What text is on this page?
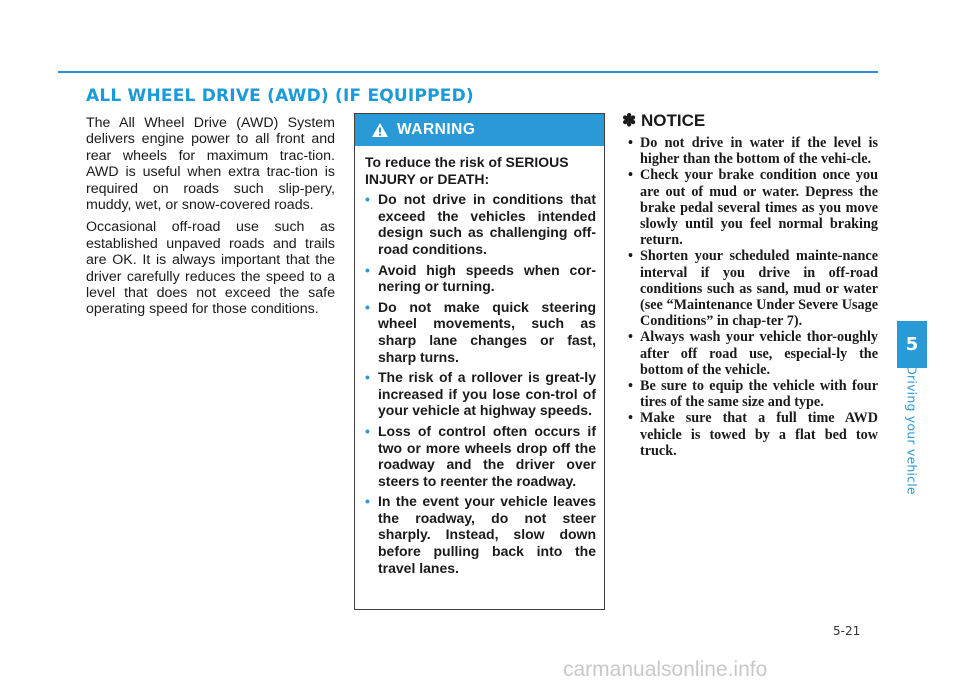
ALL WHEEL DRIVE (AWD) (IF EQUIPPED)

The All Wheel Drive (AWD) System delivers engine power to all front and rear wheels for maximum trac-tion. AWD is useful when extra trac-tion is required on roads such slip-pery, muddy, wet, or snow-covered roads.

Occasional off-road use such as established unpaved roads and trails are OK. It is always important that the driver carefully reduces the speed to a level that does not exceed the safe operating speed for those conditions.

WARNING

To reduce the risk of SERIOUS INJURY or DEATH:

• Do not drive in conditions that exceed the vehicles intended design such as challenging off-road conditions.
• Avoid high speeds when cor-nering or turning.
• Do not make quick steering wheel movements, such as sharp lane changes or fast, sharp turns.
• The risk of a rollover is great-ly increased if you lose con-trol of your vehicle at highway speeds.
• Loss of control often occurs if two or more wheels drop off the roadway and the driver over steers to reenter the roadway.
• In the event your vehicle leaves the roadway, do not steer sharply. Instead, slow down before pulling back into the travel lanes.
✽ NOTICE
• Do not drive in water if the level is higher than the bottom of the vehi-cle.
• Check your brake condition once you are out of mud or water. Depress the brake pedal several times as you move slowly until you feel normal braking return.
• Shorten your scheduled mainte-nance interval if you drive in off-road conditions such as sand, mud or water (see “Maintenance Under Severe Usage Conditions” in chap-ter 7).
• Always wash your vehicle thor-oughly after off road use, especial-ly the bottom of the vehicle.
• Be sure to equip the vehicle with four tires of the same size and type.
• Make sure that a full time AWD vehicle is towed by a flat bed tow truck.
5
Driving your vehicle
5-21
carmanualsonline.info
